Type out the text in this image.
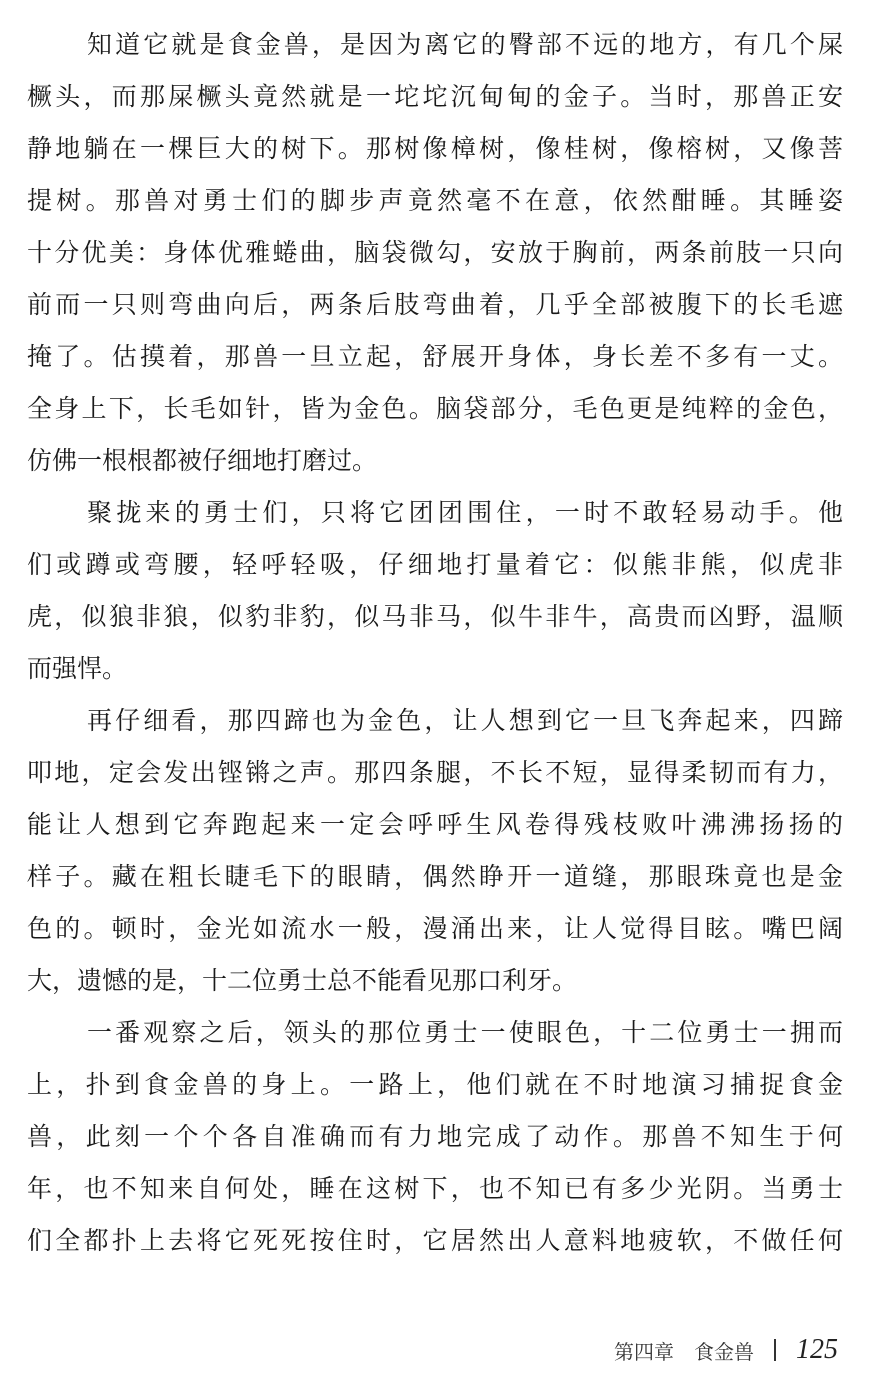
知道它就是食金兽，是因为离它的臀部不远的地方，有几个屎
橛头，而那屎橛头竟然就是一坨坨沉甸甸的金子。当时，那兽正安
静地躺在一棵巨大的树下。那树像樟树，像桂树，像榕树，又像菩
提树。那兽对勇士们的脚步声竟然毫不在意，依然酣睡。其睡姿
十分优美：身体优雅蜷曲，脑袋微勾，安放于胸前，两条前肢一只向
前而一只则弯曲向后，两条后肢弯曲着，几乎全部被腹下的长毛遮
掩了。估摸着，那兽一旦立起，舒展开身体，身长差不多有一丈。
全身上下，长毛如针，皆为金色。脑袋部分，毛色更是纯粹的金色，
仿佛一根根都被仔细地打磨过。
聚拢来的勇士们，只将它团团围住，一时不敢轻易动手。他
们或蹲或弯腰，轻呼轻吸，仔细地打量着它：似熊非熊，似虎非
虎，似狼非狼，似豹非豹，似马非马，似牛非牛，高贵而凶野，温顺
而强悍。
再仔细看，那四蹄也为金色，让人想到它一旦飞奔起来，四蹄
叩地，定会发出铿锵之声。那四条腿，不长不短，显得柔韧而有力，
能让人想到它奔跑起来一定会呼呼生风卷得残枝败叶沸沸扬扬的
样子。藏在粗长睫毛下的眼睛，偶然睁开一道缝，那眼珠竟也是金
色的。顿时，金光如流水一般，漫涌出来，让人觉得目眩。嘴巴阔
大，遗憾的是，十二位勇士总不能看见那口利牙。
一番观察之后，领头的那位勇士一使眼色，十二位勇士一拥而
上，扑到食金兽的身上。一路上，他们就在不时地演习捕捉食金
兽，此刻一个个各自准确而有力地完成了动作。那兽不知生于何
年，也不知来自何处，睡在这树下，也不知已有多少光阴。当勇士
们全都扑上去将它死死按住时，它居然出人意料地疲软，不做任何
第四章 食金兽 125
